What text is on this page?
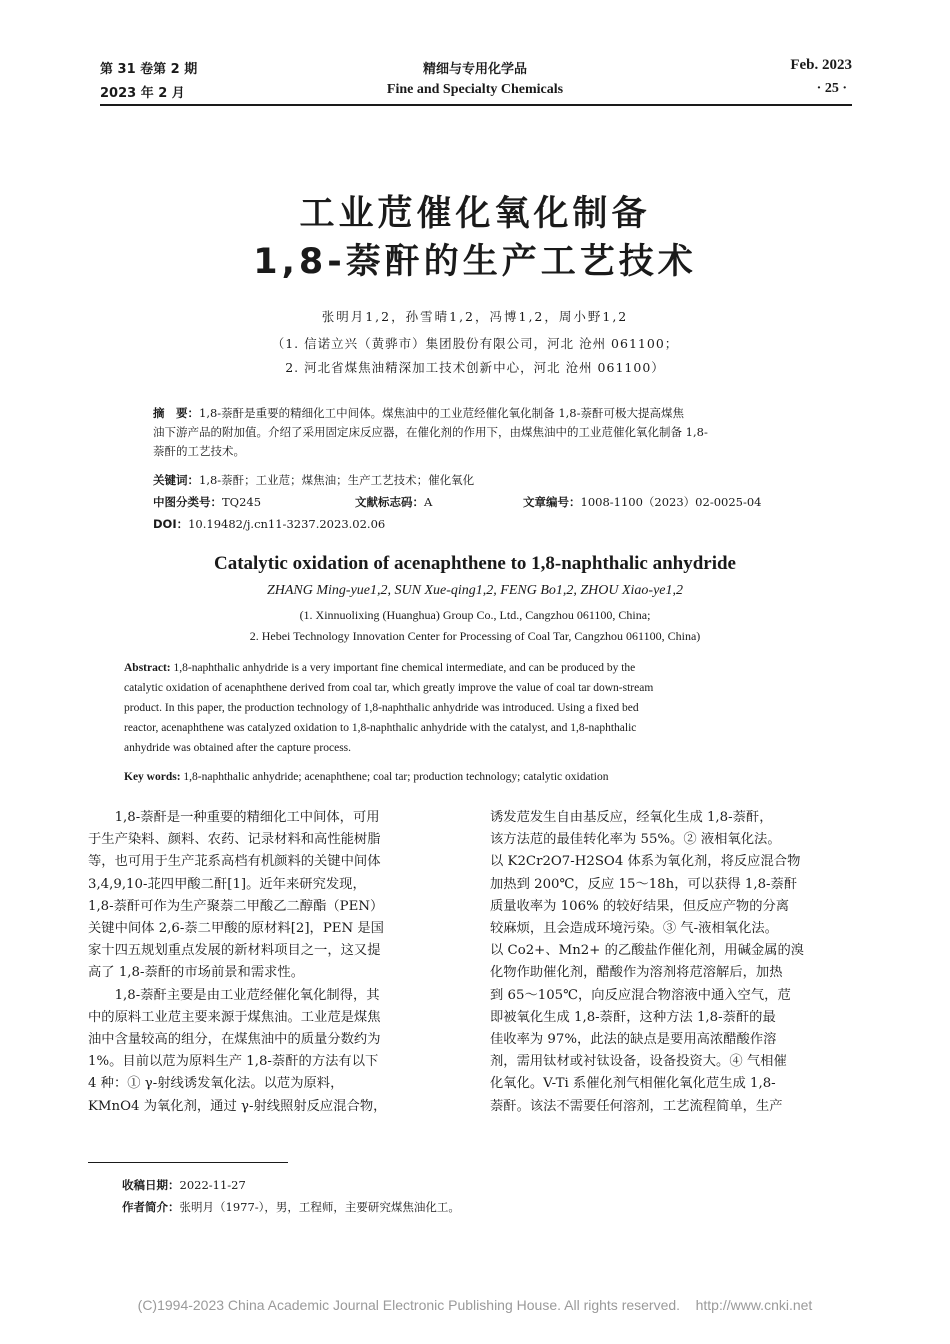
第 31 卷第 2 期
2023 年 2 月
精细与专用化学品
Fine and Specialty Chemicals
Feb. 2023
· 25 ·
工业苊催化氧化制备
1,8-萘酐的生产工艺技术
张明月1,2，孙雪晴1,2，冯博1,2，周小野1,2
（1. 信诺立兴（黄骅市）集团股份有限公司，河北 沧州 061100；
2. 河北省煤焦油精深加工技术创新中心，河北 沧州 061100）
摘　要：1,8-萘酐是重要的精细化工中间体。煤焦油中的工业苊经催化氧化制备 1,8-萘酐可极大提高煤焦
油下游产品的附加值。介绍了采用固定床反应器，在催化剂的作用下，由煤焦油中的工业苊催化氧化制备 1,8-
萘酐的工艺技术。
关键词：1,8-萘酐；工业苊；煤焦油；生产工艺技术；催化氧化
中图分类号：TQ245	文献标志码：A	文章编号：1008-1100（2023）02-0025-04
DOI：10.19482/j.cn11-3237.2023.02.06
Catalytic oxidation of acenaphthene to 1,8-naphthalic anhydride
ZHANG Ming-yue1,2, SUN Xue-qing1,2, FENG Bo1,2, ZHOU Xiao-ye1,2
(1. Xinnuolixing (Huanghua) Group Co., Ltd., Cangzhou 061100, China;
2. Hebei Technology Innovation Center for Processing of Coal Tar, Cangzhou 061100, China)
Abstract: 1,8-naphthalic anhydride is a very important fine chemical intermediate, and can be produced by the
catalytic oxidation of acenaphthene derived from coal tar, which greatly improve the value of coal tar down-stream
product. In this paper, the production technology of 1,8-naphthalic anhydride was introduced. Using a fixed bed
reactor, acenaphthene was catalyzed oxidation to 1,8-naphthalic anhydride with the catalyst, and 1,8-naphthalic
anhydride was obtained after the capture process.
Key words: 1,8-naphthalic anhydride; acenaphthene; coal tar; production technology; catalytic oxidation
1,8-萘酐是一种重要的精细化工中间体，可用
于生产染料、颜料、农药、记录材料和高性能树脂
等，也可用于生产苝系高档有机颜料的关键中间体
3,4,9,10-苝四甲酸二酐[1]。近年来研究发现，
1,8-萘酐可作为生产聚萘二甲酸乙二醇酯（PEN）
关键中间体 2,6-萘二甲酸的原材料[2]，PEN 是国
家十四五规划重点发展的新材料项目之一，这又提
高了 1,8-萘酐的市场前景和需求性。
1,8-萘酐主要是由工业苊经催化氧化制得，其
中的原料工业苊主要来源于煤焦油。工业苊是煤焦
油中含量较高的组分，在煤焦油中的质量分数约为
1%。目前以苊为原料生产 1,8-萘酐的方法有以下
4 种：① γ-射线诱发氧化法。以苊为原料，
KMnO4 为氧化剂，通过 γ-射线照射反应混合物，
诱发苊发生自由基反应，经氧化生成 1,8-萘酐，
该方法苊的最佳转化率为 55%。② 液相氧化法。
以 K2Cr2O7-H2SO4 体系为氧化剂，将反应混合物
加热到 200℃，反应 15～18h，可以获得 1,8-萘酐
质量收率为 106% 的较好结果，但反应产物的分离
较麻烦，且会造成环境污染。③ 气-液相氧化法。
以 Co2+、Mn2+ 的乙酸盐作催化剂，用碱金属的溴
化物作助催化剂，醋酸作为溶剂将苊溶解后，加热
到 65～105℃，向反应混合物溶液中通入空气，苊
即被氧化生成 1,8-萘酐，这种方法 1,8-萘酐的最
佳收率为 97%，此法的缺点是要用高浓醋酸作溶
剂，需用钛材或衬钛设备，设备投资大。④ 气相催
化氧化。V-Ti 系催化剂气相催化氧化苊生成 1,8-
萘酐。该法不需要任何溶剂，工艺流程简单，生产
收稿日期：2022-11-27
作者简介：张明月（1977-），男，工程师，主要研究煤焦油化工。
(C)1994-2023 China Academic Journal Electronic Publishing House. All rights reserved.    http://www.cnki.net
